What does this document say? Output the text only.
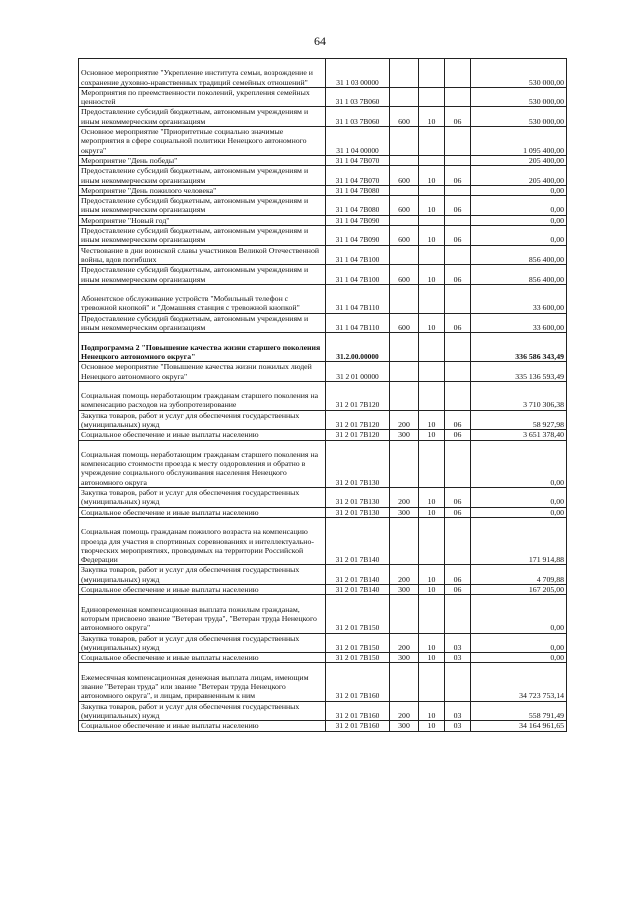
64
Основное мероприятие "Укрепление института семьи, возрождение и сохранение духовно-нравственных традиций семейных отношений"	31 1 03 00000				530 000,00
Мероприятия по преемственности поколений, укрепления семейных ценностей	31 1 03 7В060				530 000,00
Предоставление субсидий бюджетным, автономным учреждениям и иным некоммерческим организациям	31 1 03 7В060	600	10	06	530 000,00
Основное мероприятие "Приоритетные социально значимые мероприятия в сфере социальной политики Ненецкого автономного округа"	31 1 04 00000				1 095 400,00
Мероприятие "День победы"	31 1 04 7В070				205 400,00
Предоставление субсидий бюджетным, автономным учреждениям и иным некоммерческим организациям	31 1 04 7В070	600	10	06	205 400,00
Мероприятие "День пожилого человека"	31 1 04 7В080				0,00
Предоставление субсидий бюджетным, автономным учреждениям и иным некоммерческим организациям	31 1 04 7В080	600	10	06	0,00
Мероприятие "Новый год"	31 1 04 7В090				0,00
Предоставление субсидий бюджетным, автономным учреждениям и иным некоммерческим организациям	31 1 04 7В090	600	10	06	0,00
Чествование в дни воинской славы участников Великой Отечественной войны, вдов погибших	31 1 04 7В100				856 400,00
Предоставление субсидий бюджетным, автономным учреждениям и иным некоммерческим организациям	31 1 04 7В100	600	10	06	856 400,00
Абонентское обслуживание устройств "Мобильный телефон с тревожной кнопкой" и "Домашняя станция с тревожной кнопкой"	31 1 04 7В110				33 600,00
Предоставление субсидий бюджетным, автономным учреждениям и иным некоммерческим организациям	31 1 04 7В110	600	10	06	33 600,00
Подпрограмма 2 "Повышение качества жизни старшего поколения Ненецкого автономного округа"	31.2.00.00000				336 586 343,49
Основное мероприятие "Повышение качества жизни пожилых людей Ненецкого автономного округа"	31 2 01 00000				335 136 593,49
Социальная помощь неработающим гражданам старшего поколения на компенсацию расходов на зубопротезирование	31 2 01 7В120				3 710 306,38
Закупка товаров, работ и услуг для обеспечения государственных (муниципальных) нужд	31 2 01 7В120	200	10	06	58 927,98
Социальное обеспечение и иные выплаты населению	31 2 01 7В120	300	10	06	3 651 378,40
Социальная помощь неработающим гражданам старшего поколения на компенсацию стоимости проезда к месту оздоровления и обратно в учреждение социального обслуживания населения Ненецкого автономного округа	31 2 01 7В130				0,00
Закупка товаров, работ и услуг для обеспечения государственных (муниципальных) нужд	31 2 01 7В130	200	10	06	0,00
Социальное обеспечение и иные выплаты населению	31 2 01 7В130	300	10	06	0,00
Социальная помощь гражданам пожилого возраста на компенсацию проезда для участия в спортивных соревнованиях и интеллектуально-творческих мероприятиях, проводимых на территории Российской Федерации	31 2 01 7В140				171 914,88
Закупка товаров, работ и услуг для обеспечения государственных (муниципальных) нужд	31 2 01 7В140	200	10	06	4 709,88
Социальное обеспечение и иные выплаты населению	31 2 01 7В140	300	10	06	167 205,00
Единовременная компенсационная выплата пожилым гражданам, которым присвоено звание "Ветеран труда", "Ветеран труда Ненецкого автономного округа"	31 2 01 7В150				0,00
Закупка товаров, работ и услуг для обеспечения государственных (муниципальных) нужд	31 2 01 7В150	200	10	03	0,00
Социальное обеспечение и иные выплаты населению	31 2 01 7В150	300	10	03	0,00
Ежемесячная компенсационная денежная выплата лицам, имеющим звание "Ветеран труда" или звание "Ветеран труда Ненецкого автономного округа", и лицам, приравненным к ним	31 2 01 7В160				34 723 753,14
Закупка товаров, работ и услуг для обеспечения государственных (муниципальных) нужд	31 2 01 7В160	200	10	03	558 791,49
Социальное обеспечение и иные выплаты населению	31 2 01 7В160	300	10	03	34 164 961,65
